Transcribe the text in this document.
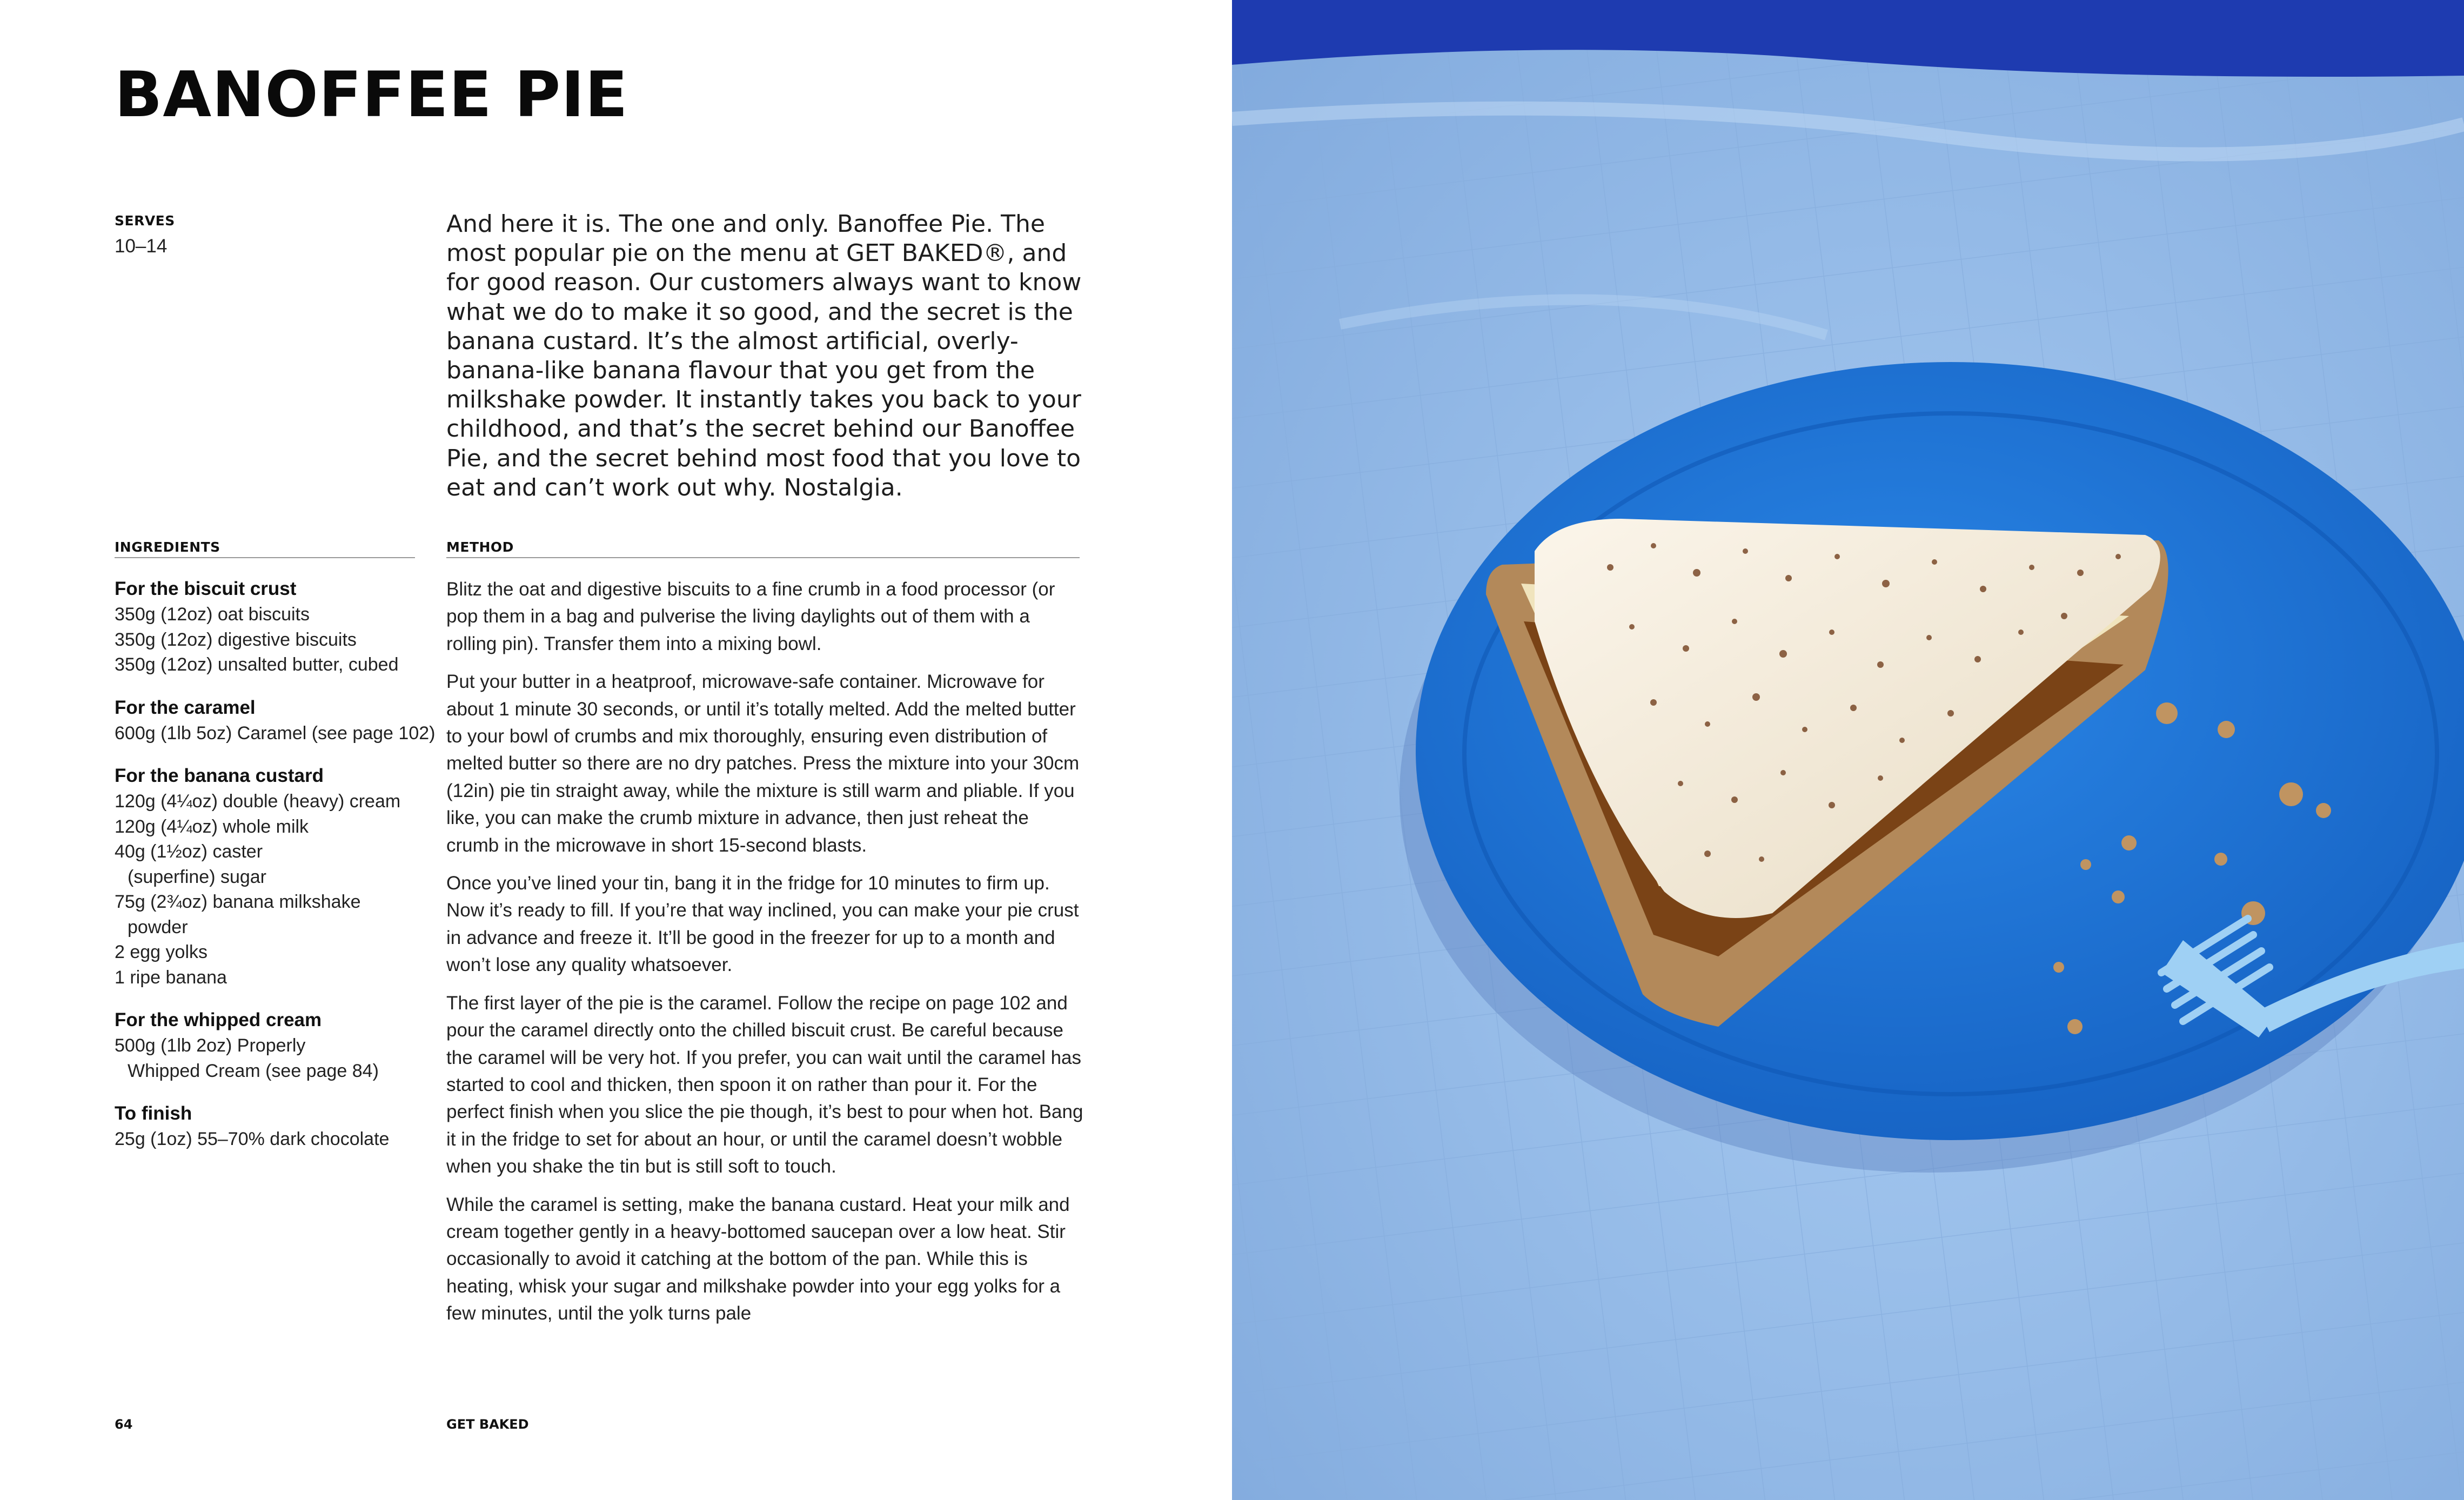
BANOFFEE PIE
SERVES
10–14
And here it is. The one and only. Banoffee Pie. The most popular pie on the menu at GET BAKED®, and for good reason. Our customers always want to know what we do to make it so good, and the secret is the banana custard. It’s the almost artificial, overly-banana-like banana flavour that you get from the milkshake powder. It instantly takes you back to your childhood, and that’s the secret behind our Banoffee Pie, and the secret behind most food that you love to eat and can’t work out why. Nostalgia.
INGREDIENTS	METHOD
For the biscuit crust
350g (12oz) oat biscuits
350g (12oz) digestive biscuits
350g (12oz) unsalted butter, cubed
For the caramel
600g (1lb 5oz) Caramel (see page 102)
For the banana custard
120g (4¼oz) double (heavy) cream
120g (4¼oz) whole milk
40g (1½oz) caster
(superfine) sugar
75g (2¾oz) banana milkshake
powder
2 egg yolks
1 ripe banana
For the whipped cream
500g (1lb 2oz) Properly
Whipped Cream (see page 84)
To finish
25g (1oz) 55–70% dark chocolate

Blitz the oat and digestive biscuits to a fine crumb in a food processor (or pop them in a bag and pulverise the living daylights out of them with a rolling pin). Transfer them into a mixing bowl.

Put your butter in a heatproof, microwave-safe container. Microwave for about 1 minute 30 seconds, or until it’s totally melted. Add the melted butter to your bowl of crumbs and mix thoroughly, ensuring even distribution of melted butter so there are no dry patches. Press the mixture into your 30cm (12in) pie tin straight away, while the mixture is still warm and pliable. If you like, you can make the crumb mixture in advance, then just reheat the crumb in the microwave in short 15-second blasts.

Once you’ve lined your tin, bang it in the fridge for 10 minutes to firm up. Now it’s ready to fill. If you’re that way inclined, you can make your pie crust in advance and freeze it. It’ll be good in the freezer for up to a month and won’t lose any quality whatsoever.

The first layer of the pie is the caramel. Follow the recipe on page 102 and pour the caramel directly onto the chilled biscuit crust. Be careful because the caramel will be very hot. If you prefer, you can wait until the caramel has started to cool and thicken, then spoon it on rather than pour it. For the perfect finish when you slice the pie though, it’s best to pour when hot. Bang it in the fridge to set for about an hour, or until the caramel doesn’t wobble when you shake the tin but is still soft to touch.

While the caramel is setting, make the banana custard. Heat your milk and cream together gently in a heavy-bottomed saucepan over a low heat. Stir occasionally to avoid it catching at the bottom of the pan. While this is heating, whisk your sugar and milkshake powder into your egg yolks for a few minutes, until the yolk turns pale

64	GET BAKED
